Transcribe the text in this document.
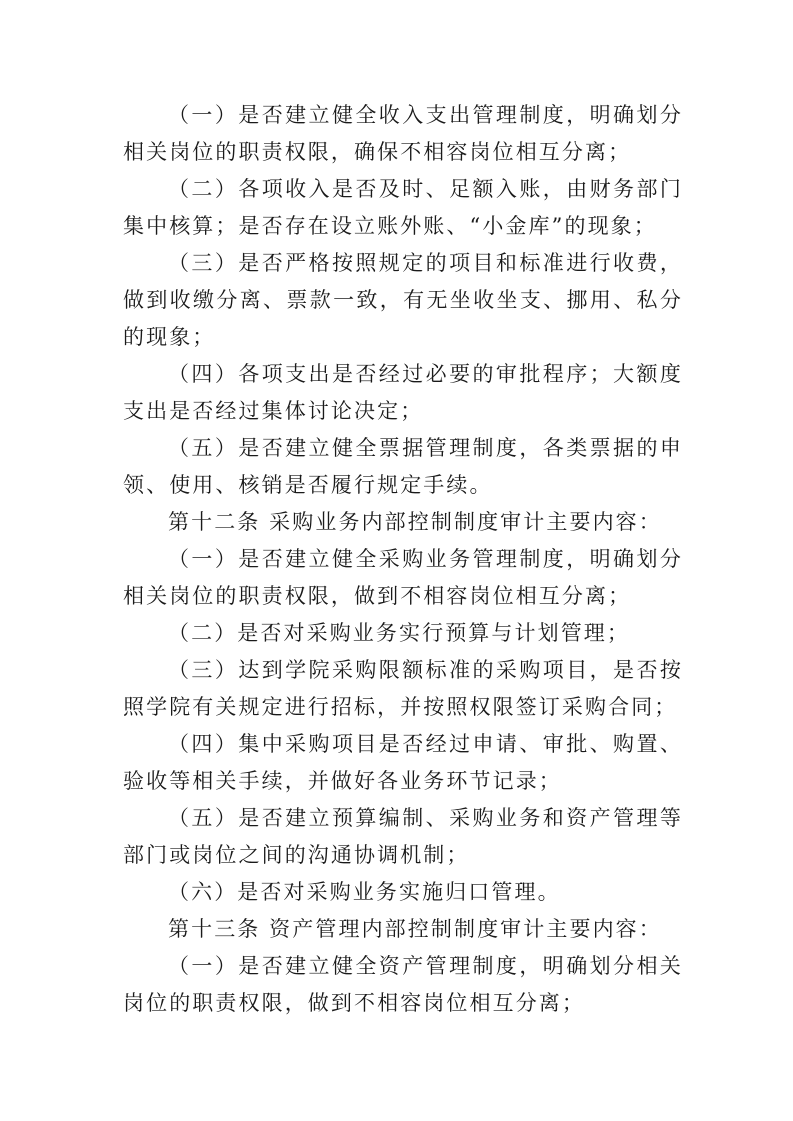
（一）是否建立健全收入支出管理制度，明确划分相关岗位的职责权限，确保不相容岗位相互分离；

（二）各项收入是否及时、足额入账，由财务部门集中核算；是否存在设立账外账、“小金库”的现象；

（三）是否严格按照规定的项目和标准进行收费，做到收缴分离、票款一致，有无坐收坐支、挪用、私分的现象；

（四）各项支出是否经过必要的审批程序；大额度支出是否经过集体讨论决定；

（五）是否建立健全票据管理制度，各类票据的申领、使用、核销是否履行规定手续。

第十二条 采购业务内部控制制度审计主要内容：

（一）是否建立健全采购业务管理制度，明确划分相关岗位的职责权限，做到不相容岗位相互分离；

（二）是否对采购业务实行预算与计划管理；

（三）达到学院采购限额标准的采购项目，是否按照学院有关规定进行招标，并按照权限签订采购合同；

（四）集中采购项目是否经过申请、审批、购置、验收等相关手续，并做好各业务环节记录；

（五）是否建立预算编制、采购业务和资产管理等部门或岗位之间的沟通协调机制；

（六）是否对采购业务实施归口管理。

第十三条 资产管理内部控制制度审计主要内容：

（一）是否建立健全资产管理制度，明确划分相关岗位的职责权限，做到不相容岗位相互分离；
